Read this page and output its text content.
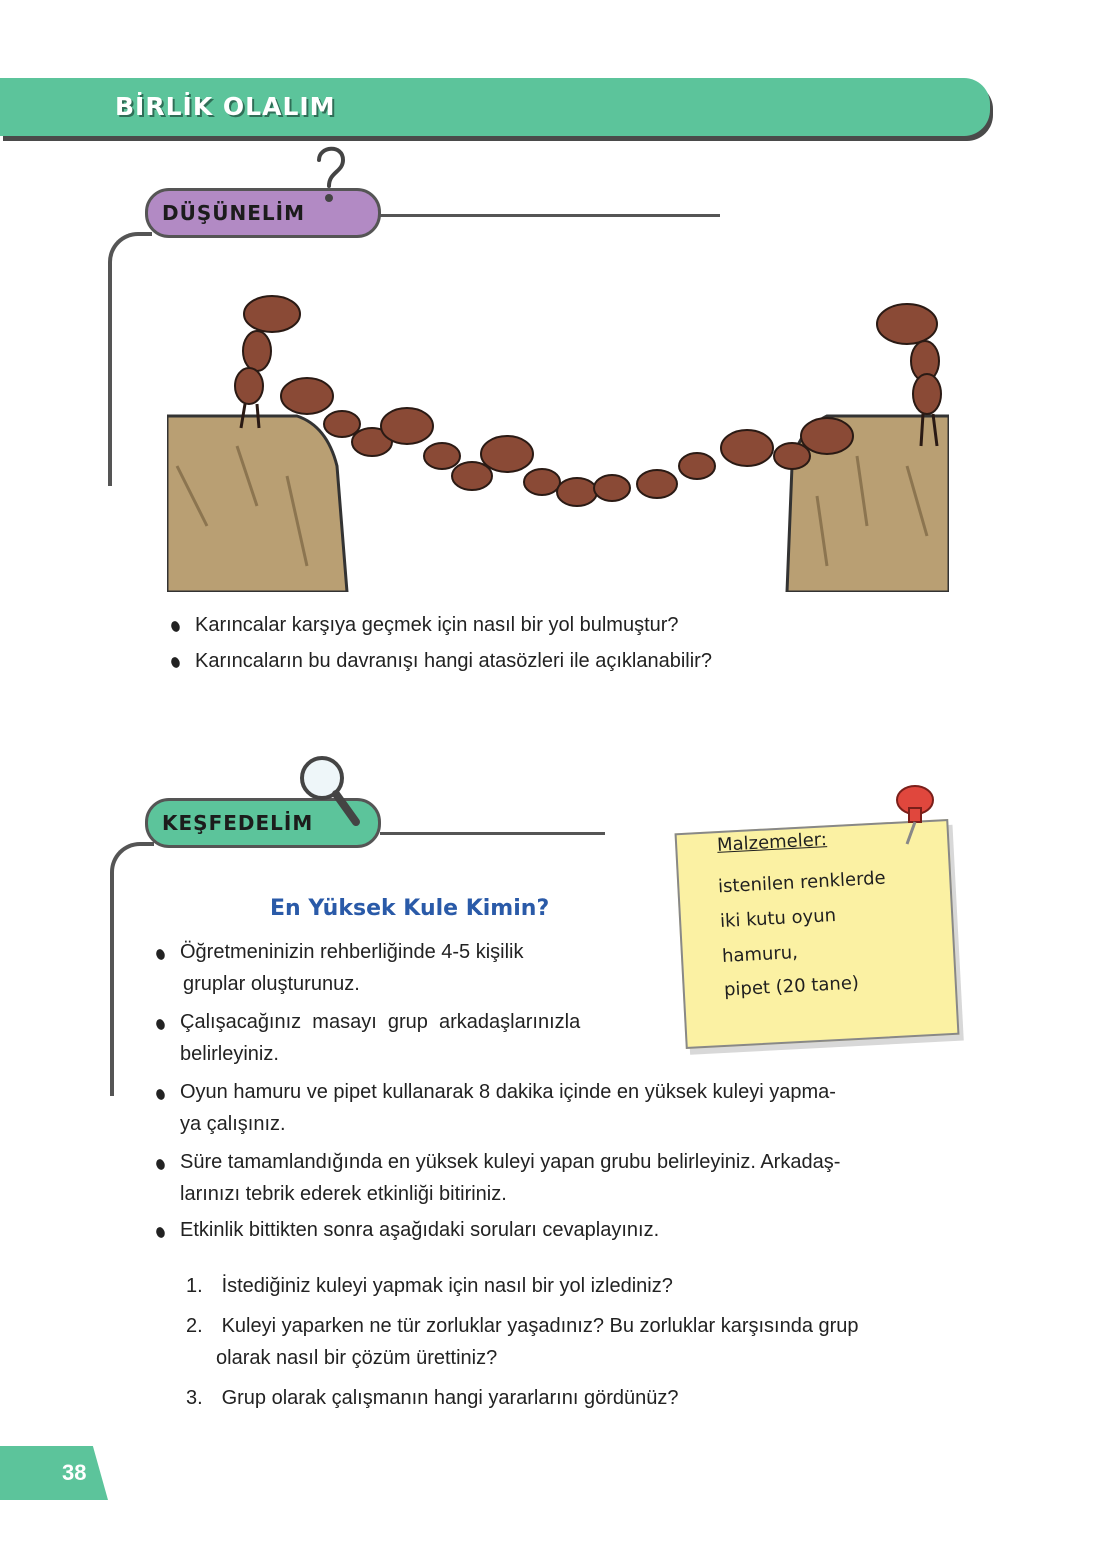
BİRLİK OLALIM
DÜŞÜNELİM
Karıncalar karşıya geçmek için nasıl bir yol bulmuştur?
Karıncaların bu davranışı hangi atasözleri ile açıklanabilir?
KEŞFEDELİM
En Yüksek Kule Kimin?
Öğretmeninizin rehberliğinde 4-5 kişilik
gruplar oluşturunuz.
Çalışacağınız  masayı  grup  arkadaşlarınızla
belirleyiniz.
Oyun hamuru ve pipet kullanarak 8 dakika içinde en yüksek kuleyi yapma-
ya çalışınız.
Süre tamamlandığında en yüksek kuleyi yapan grubu belirleyiniz. Arkadaş-
larınızı tebrik ederek etkinliği bitiriniz.
Etkinlik bittikten sonra aşağıdaki soruları cevaplayınız.
1. İstediğiniz kuleyi yapmak için nasıl bir yol izlediniz?
2. Kuleyi yaparken ne tür zorluklar yaşadınız? Bu zorluklar karşısında grup
olarak nasıl bir çözüm ürettiniz?
3. Grup olarak çalışmanın hangi yararlarını gördünüz?
Malzemeler:
istenilen renklerde
iki kutu oyun
hamuru,
pipet (20 tane)
38
